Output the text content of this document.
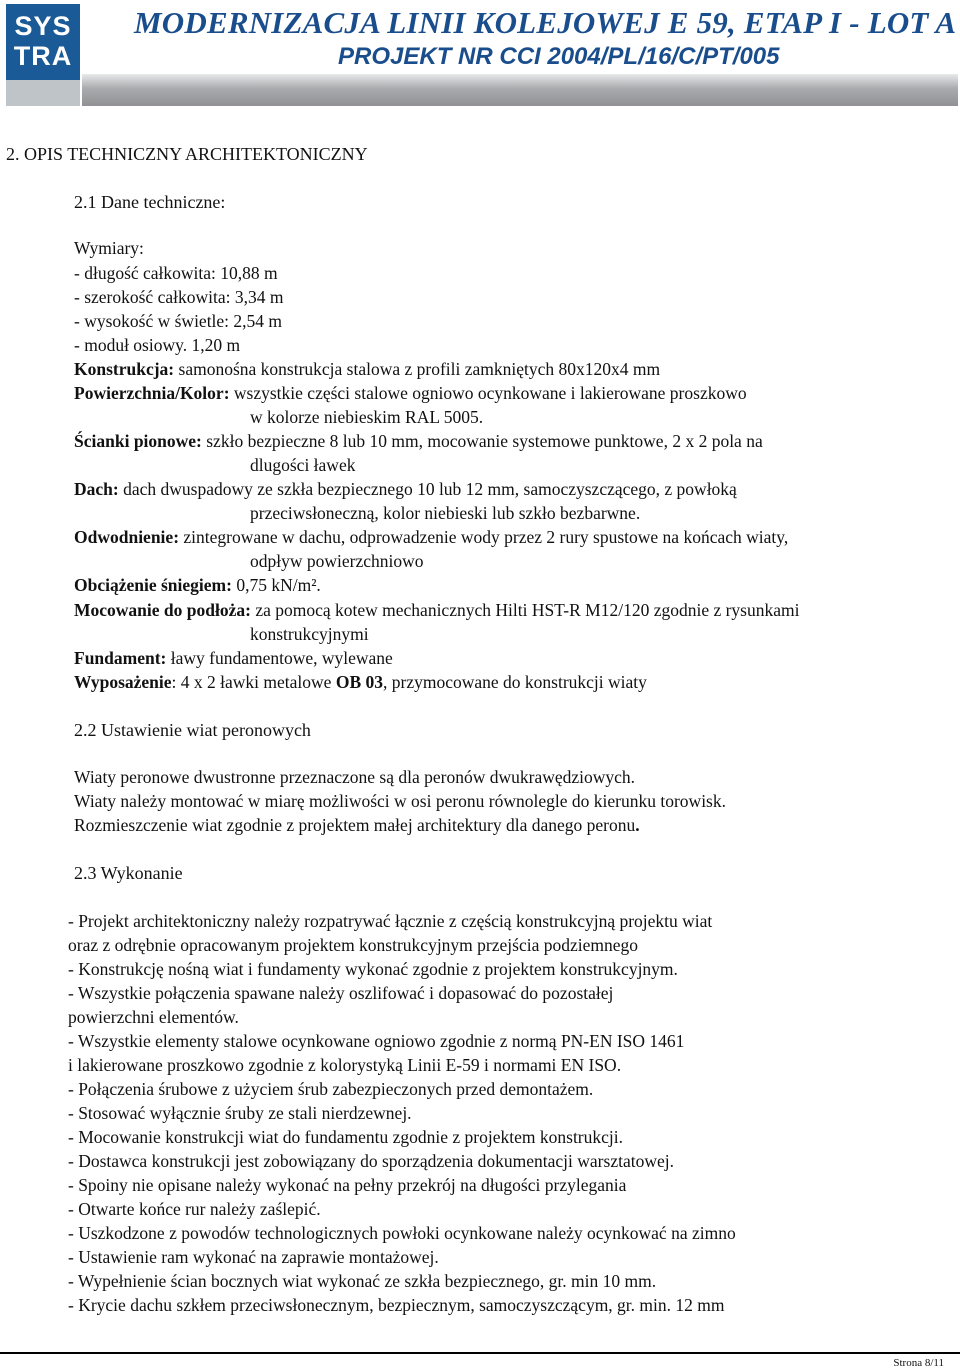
SYS
TRA
MODERNIZACJA LINII KOLEJOWEJ E 59, ETAP I - LOT A
PROJEKT NR CCI 2004/PL/16/C/PT/005
2. OPIS TECHNICZNY ARCHITEKTONICZNY
2.1 Dane techniczne:
Wymiary:
- długość całkowita: 10,88 m
- szerokość całkowita: 3,34 m
- wysokość w świetle: 2,54 m
- moduł osiowy. 1,20 m
Konstrukcja: samonośna konstrukcja stalowa z profili zamkniętych 80x120x4 mm
Powierzchnia/Kolor: wszystkie części stalowe ogniowo ocynkowane i lakierowane proszkowo
w kolorze niebieskim RAL 5005.
Ścianki pionowe: szkło bezpieczne 8 lub 10 mm, mocowanie systemowe punktowe, 2 x 2 pola na
dlugości ławek
Dach: dach dwuspadowy ze szkła bezpiecznego 10 lub 12 mm, samoczyszczącego, z powłoką
przeciwsłoneczną, kolor niebieski lub szkło bezbarwne.
Odwodnienie: zintegrowane w dachu, odprowadzenie wody przez 2 rury spustowe na końcach wiaty,
odpływ powierzchniowo
Obciążenie śniegiem: 0,75 kN/m².
Mocowanie do podłoża: za pomocą kotew mechanicznych Hilti HST-R M12/120 zgodnie z rysunkami
konstrukcyjnymi
Fundament: ławy fundamentowe, wylewane
Wyposażenie: 4 x 2 ławki metalowe OB 03, przymocowane do konstrukcji wiaty
2.2 Ustawienie wiat peronowych
Wiaty peronowe dwustronne przeznaczone są dla peronów dwukrawędziowych.
Wiaty należy montować w miarę możliwości w osi peronu równolegle do kierunku torowisk.
Rozmieszczenie wiat zgodnie z projektem małej architektury dla danego peronu.
2.3 Wykonanie
- Projekt architektoniczny należy rozpatrywać łącznie z częścią konstrukcyjną projektu wiat
oraz z odrębnie opracowanym projektem konstrukcyjnym przejścia podziemnego
- Konstrukcję nośną wiat i fundamenty wykonać zgodnie z projektem konstrukcyjnym.
- Wszystkie połączenia spawane należy oszlifować i dopasować do pozostałej
powierzchni elementów.
- Wszystkie elementy stalowe ocynkowane ogniowo zgodnie z normą PN-EN ISO 1461
i lakierowane proszkowo zgodnie z kolorystyką Linii E-59 i normami EN ISO.
- Połączenia śrubowe z użyciem śrub zabezpieczonych przed demontażem.
- Stosować wyłącznie śruby ze stali nierdzewnej.
- Mocowanie konstrukcji wiat do fundamentu zgodnie z projektem konstrukcji.
- Dostawca konstrukcji jest zobowiązany do sporządzenia dokumentacji warsztatowej.
- Spoiny nie opisane należy wykonać na pełny przekrój na długości przylegania
- Otwarte końce rur należy zaślepić.
- Uszkodzone z powodów technologicznych powłoki ocynkowane należy ocynkować na zimno
- Ustawienie ram wykonać na zaprawie montażowej.
- Wypełnienie ścian bocznych wiat wykonać ze szkła bezpiecznego, gr. min 10 mm.
- Krycie dachu szkłem przeciwsłonecznym, bezpiecznym, samoczyszczącym, gr. min. 12 mm
Strona 8/11
